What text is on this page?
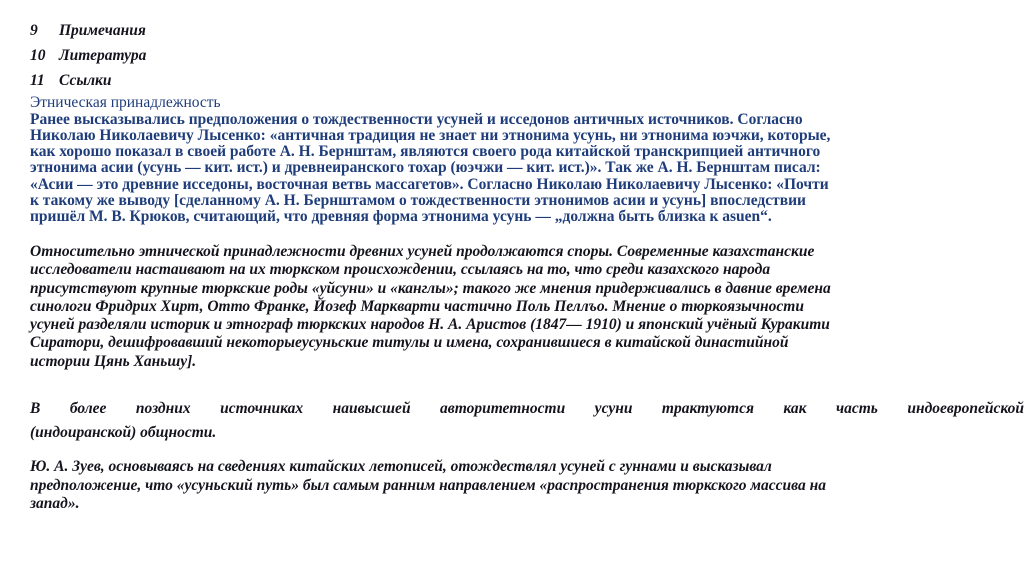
9 Примечания
10 Литература
11 Ссылки
Этническая принадлежность

Ранее высказывались предположения о тождественности усуней и исседонов античных источников. Согласно
Николаю Николаевичу Лысенко: «античная традиция не знает ни этнонима усунь, ни этнонима юэчжи, которые,
как хорошо показал в своей работе А. Н. Бернштам, являются своего рода китайской транскрипцией античного
этнонима асии (усунь — кит. ист.) и древнеиранского тохар (юэчжи — кит. ист.)». Так же А. Н. Бернштам писал:
«Асии — это древние исседоны, восточная ветвь массагетов». Согласно Николаю Николаевичу Лысенко: «Почти
к такому же выводу [сделанному А. Н. Бернштамом о тождественности этнонимов асии и усунь] впоследствии
пришёл М. В. Крюков, считающий, что древняя форма этнонима усунь — „должна быть близка к asuen“.

Относительно этнической принадлежности древних усуней продолжаются споры. Современные казахстанские
исследователи настаивают на их тюркском происхождении, ссылаясь на то, что среди казахского народа
присутствуют крупные тюркские роды «уйсуни» и «канглы»; такого же мнения придерживались в давние времена
синологи Фридрих Хирт, Отто Франке, Йозеф Маркварти частично Поль Пеллъо. Мнение о тюркоязычности
усуней разделяли историк и этнограф тюркских народов Н. А. Аристов (1847— 1910) и японский учёный Куракити
Сиратори, дешифровавший некоторыеусуньские титулы и имена, сохранившиеся в китайской династийной
истории Цянь Ханьшу].

В более поздних источниках наивысшей авторитетности усуни трактуются как часть индоевропейской
(индоиранской) общности.

Ю. А. Зуев, основываясь на сведениях китайских летописей, отождествлял усуней с гуннами и высказывал
предположение, что «усуньский путь» был самым ранним направлением «распространения тюркского массива на
запад».
